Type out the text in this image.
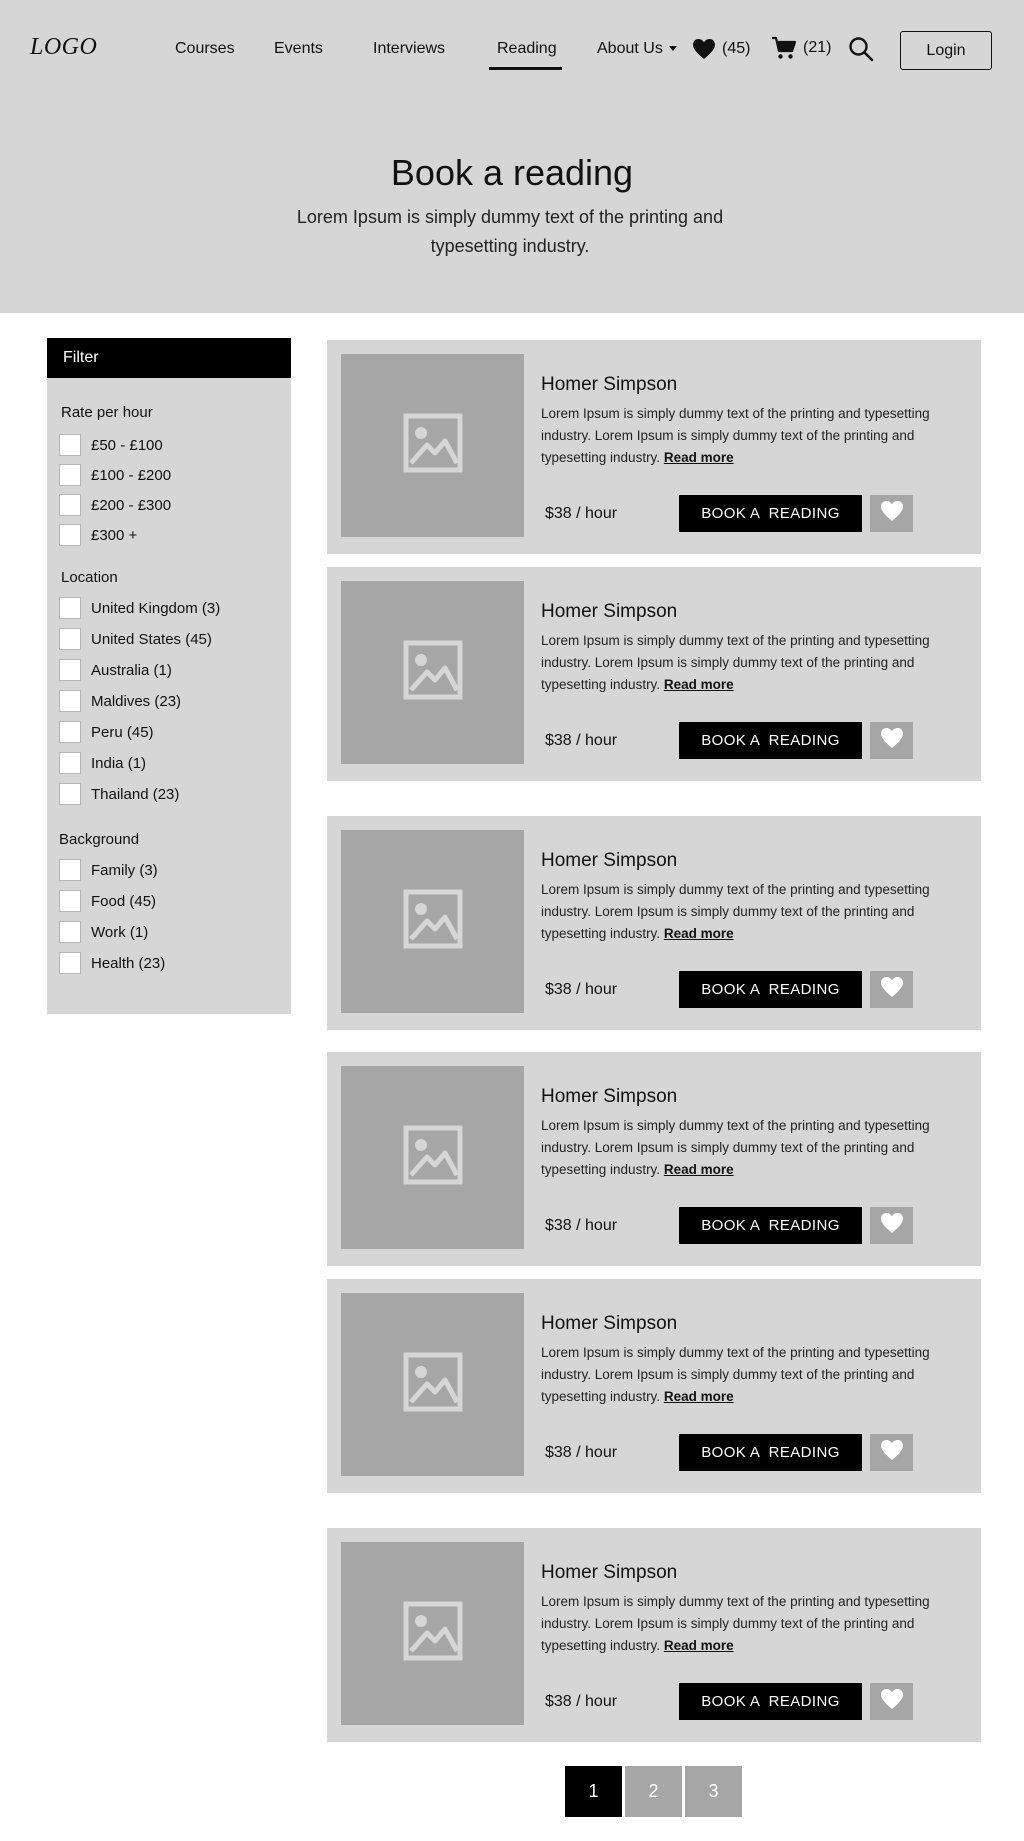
LOGO	Courses Events	Interviews	Reading	About Us	(45)	(21)	Login
Book a reading
Lorem Ipsum is simply dummy text of the printing and typesetting industry.
Filter
Rate per hour
£50 - £100
£100 - £200
£200 - £300
£300 +
Location
United Kingdom (3)
United States (45)
Australia (1)
Maldives (23)
Peru (45)
India (1)
Thailand (23)
Background
Family (3)
Food (45)
Work (1)
Health (23)
Homer Simpson
Lorem Ipsum is simply dummy text of the printing and typesetting industry. Lorem Ipsum is simply dummy text of the printing and typesetting industry. Read more
$38 / hour	BOOK A  READING
Homer Simpson
Lorem Ipsum is simply dummy text of the printing and typesetting industry. Lorem Ipsum is simply dummy text of the printing and typesetting industry. Read more
$38 / hour	BOOK A  READING
Homer Simpson
Lorem Ipsum is simply dummy text of the printing and typesetting industry. Lorem Ipsum is simply dummy text of the printing and typesetting industry. Read more
$38 / hour	BOOK A  READING
Homer Simpson
Lorem Ipsum is simply dummy text of the printing and typesetting industry. Lorem Ipsum is simply dummy text of the printing and typesetting industry. Read more
$38 / hour	BOOK A  READING
Homer Simpson
Lorem Ipsum is simply dummy text of the printing and typesetting industry. Lorem Ipsum is simply dummy text of the printing and typesetting industry. Read more
$38 / hour	BOOK A  READING
Homer Simpson
Lorem Ipsum is simply dummy text of the printing and typesetting industry. Lorem Ipsum is simply dummy text of the printing and typesetting industry. Read more
$38 / hour	BOOK A  READING
1	2	3
